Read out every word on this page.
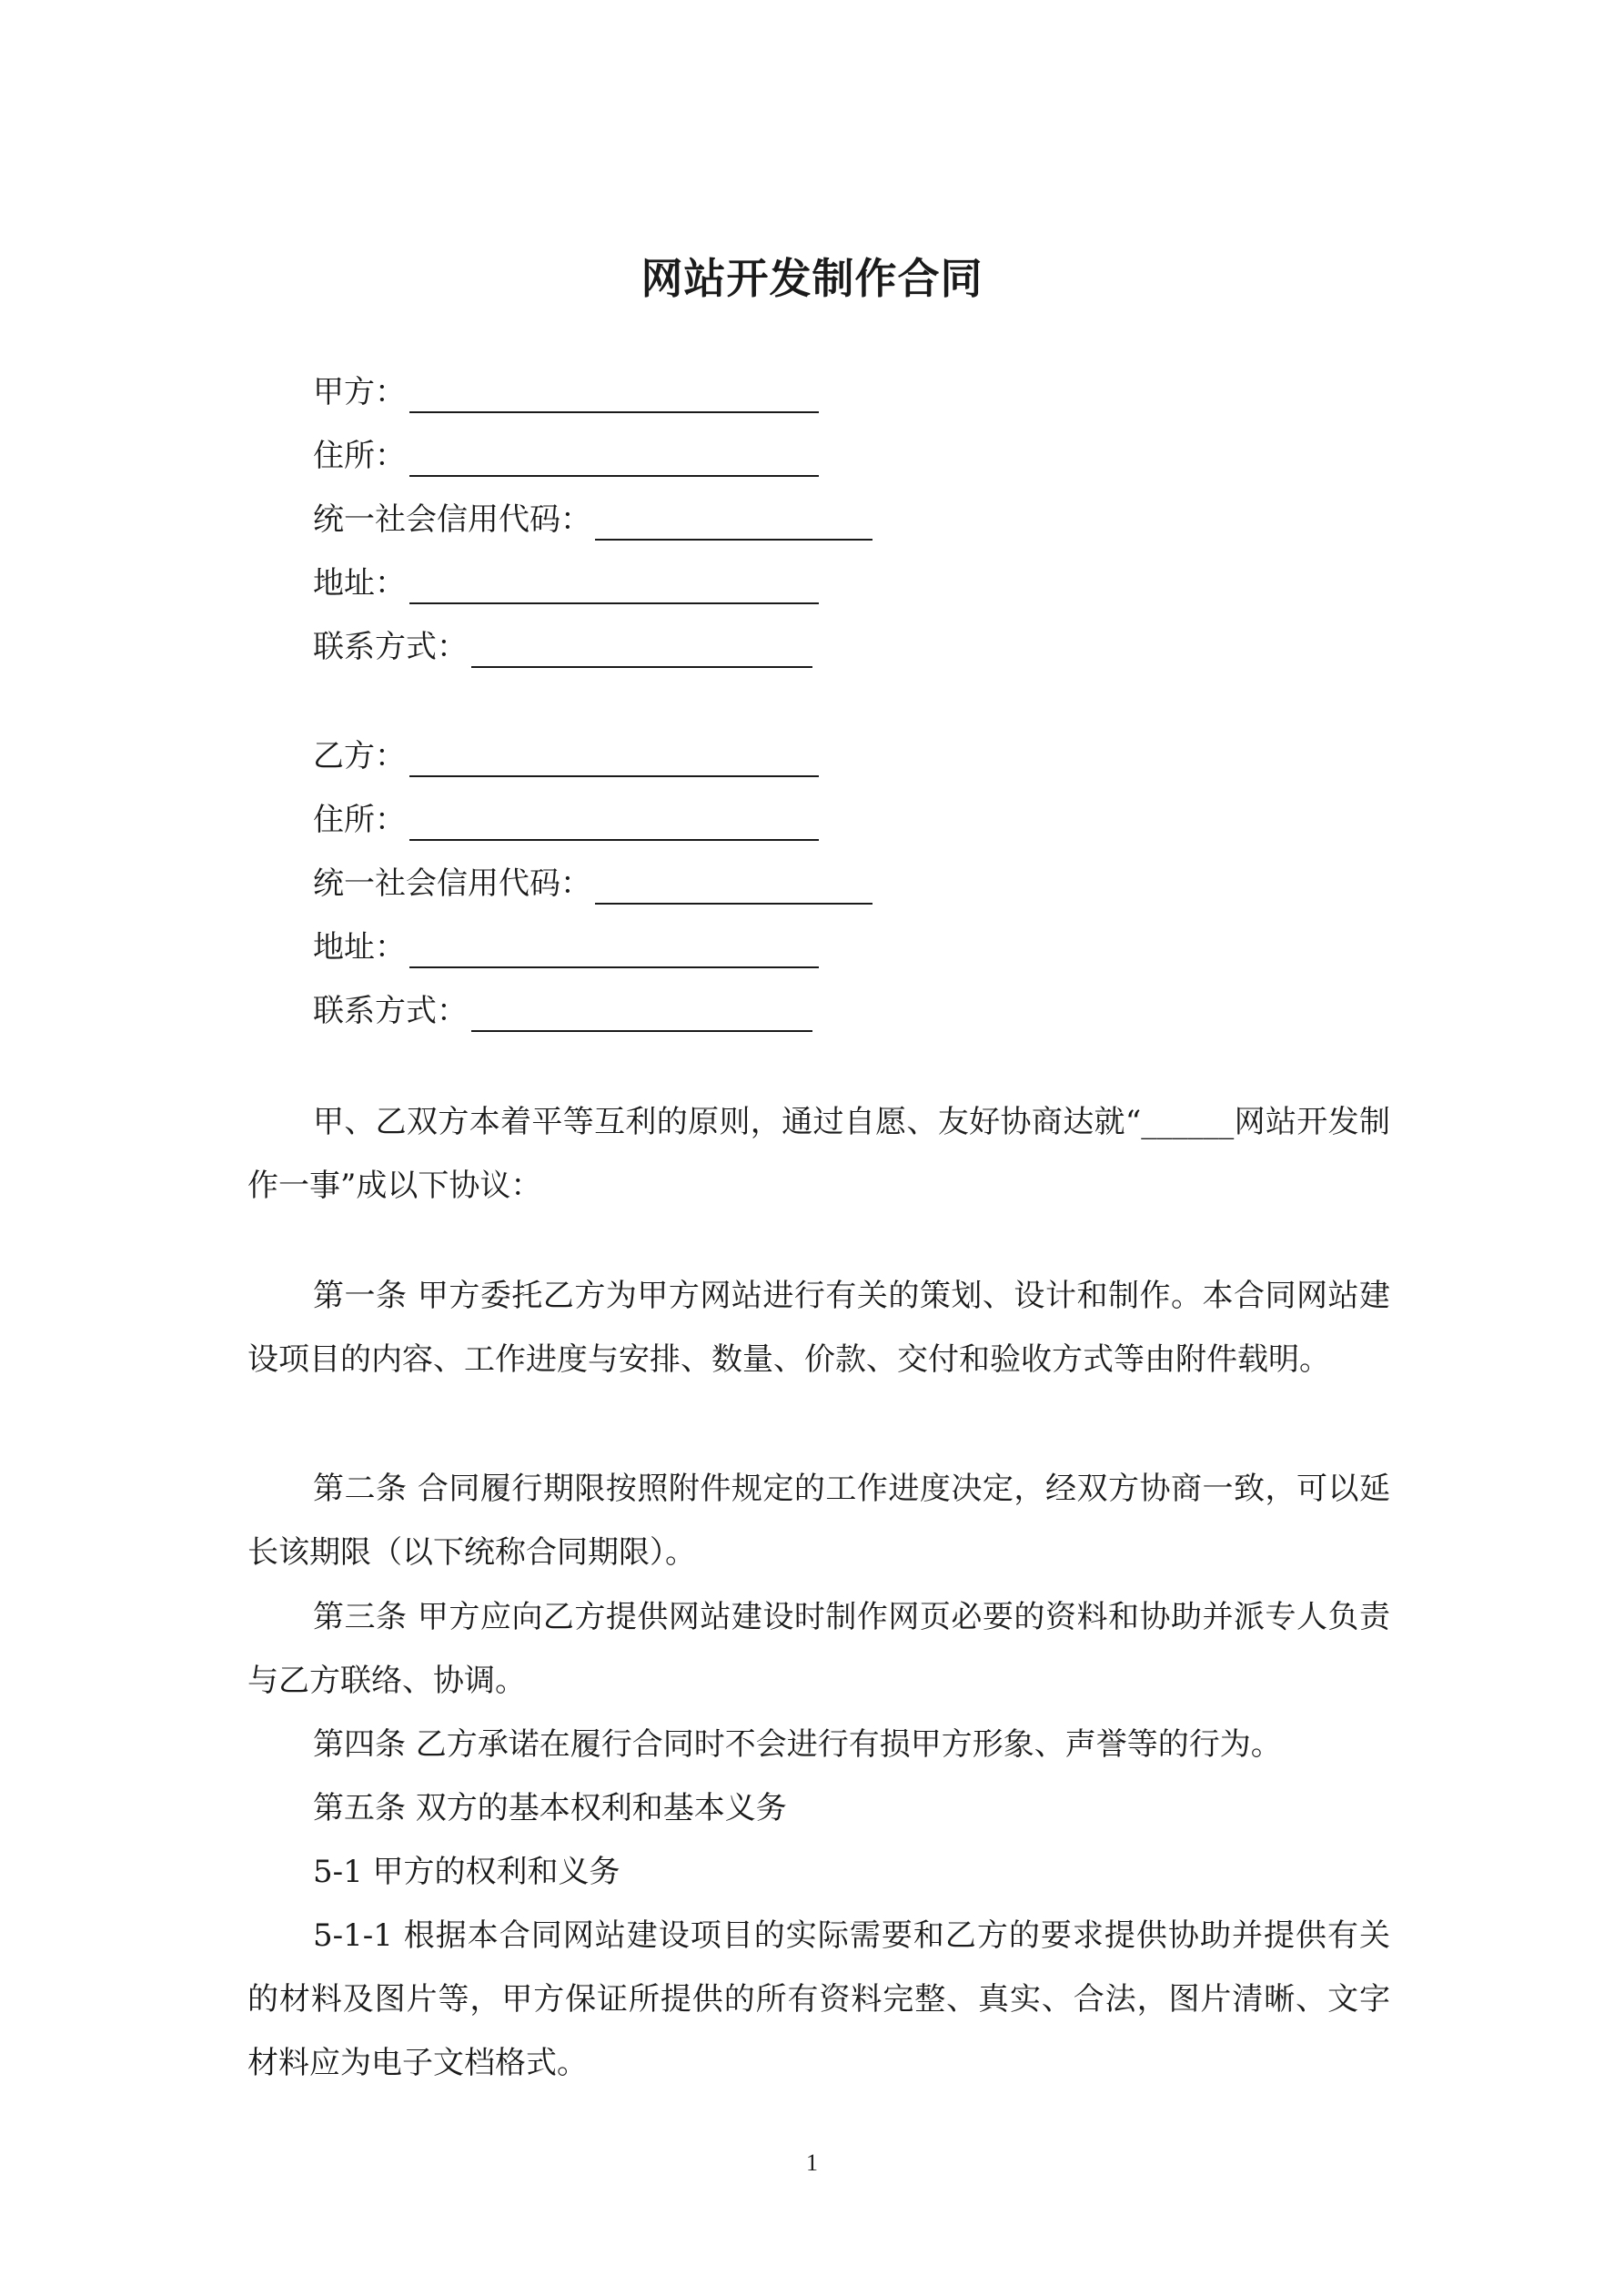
网站开发制作合同
甲方：
住所：
统一社会信用代码：
地址：
联系方式：
乙方：
住所：
统一社会信用代码：
地址：
联系方式：

甲、乙双方本着平等互利的原则，通过自愿、友好协商达就“______网站开发制作一事”成以下协议：

第一条 甲方委托乙方为甲方网站进行有关的策划、设计和制作。本合同网站建设项目的内容、工作进度与安排、数量、价款、交付和验收方式等由附件载明。

第二条 合同履行期限按照附件规定的工作进度决定，经双方协商一致，可以延长该期限（以下统称合同期限）。

第三条 甲方应向乙方提供网站建设时制作网页必要的资料和协助并派专人负责与乙方联络、协调。

第四条 乙方承诺在履行合同时不会进行有损甲方形象、声誉等的行为。

第五条 双方的基本权利和基本义务

5-1 甲方的权利和义务

5-1-1 根据本合同网站建设项目的实际需要和乙方的要求提供协助并提供有关的材料及图片等，甲方保证所提供的所有资料完整、真实、合法，图片清晰、文字材料应为电子文档格式。

1
